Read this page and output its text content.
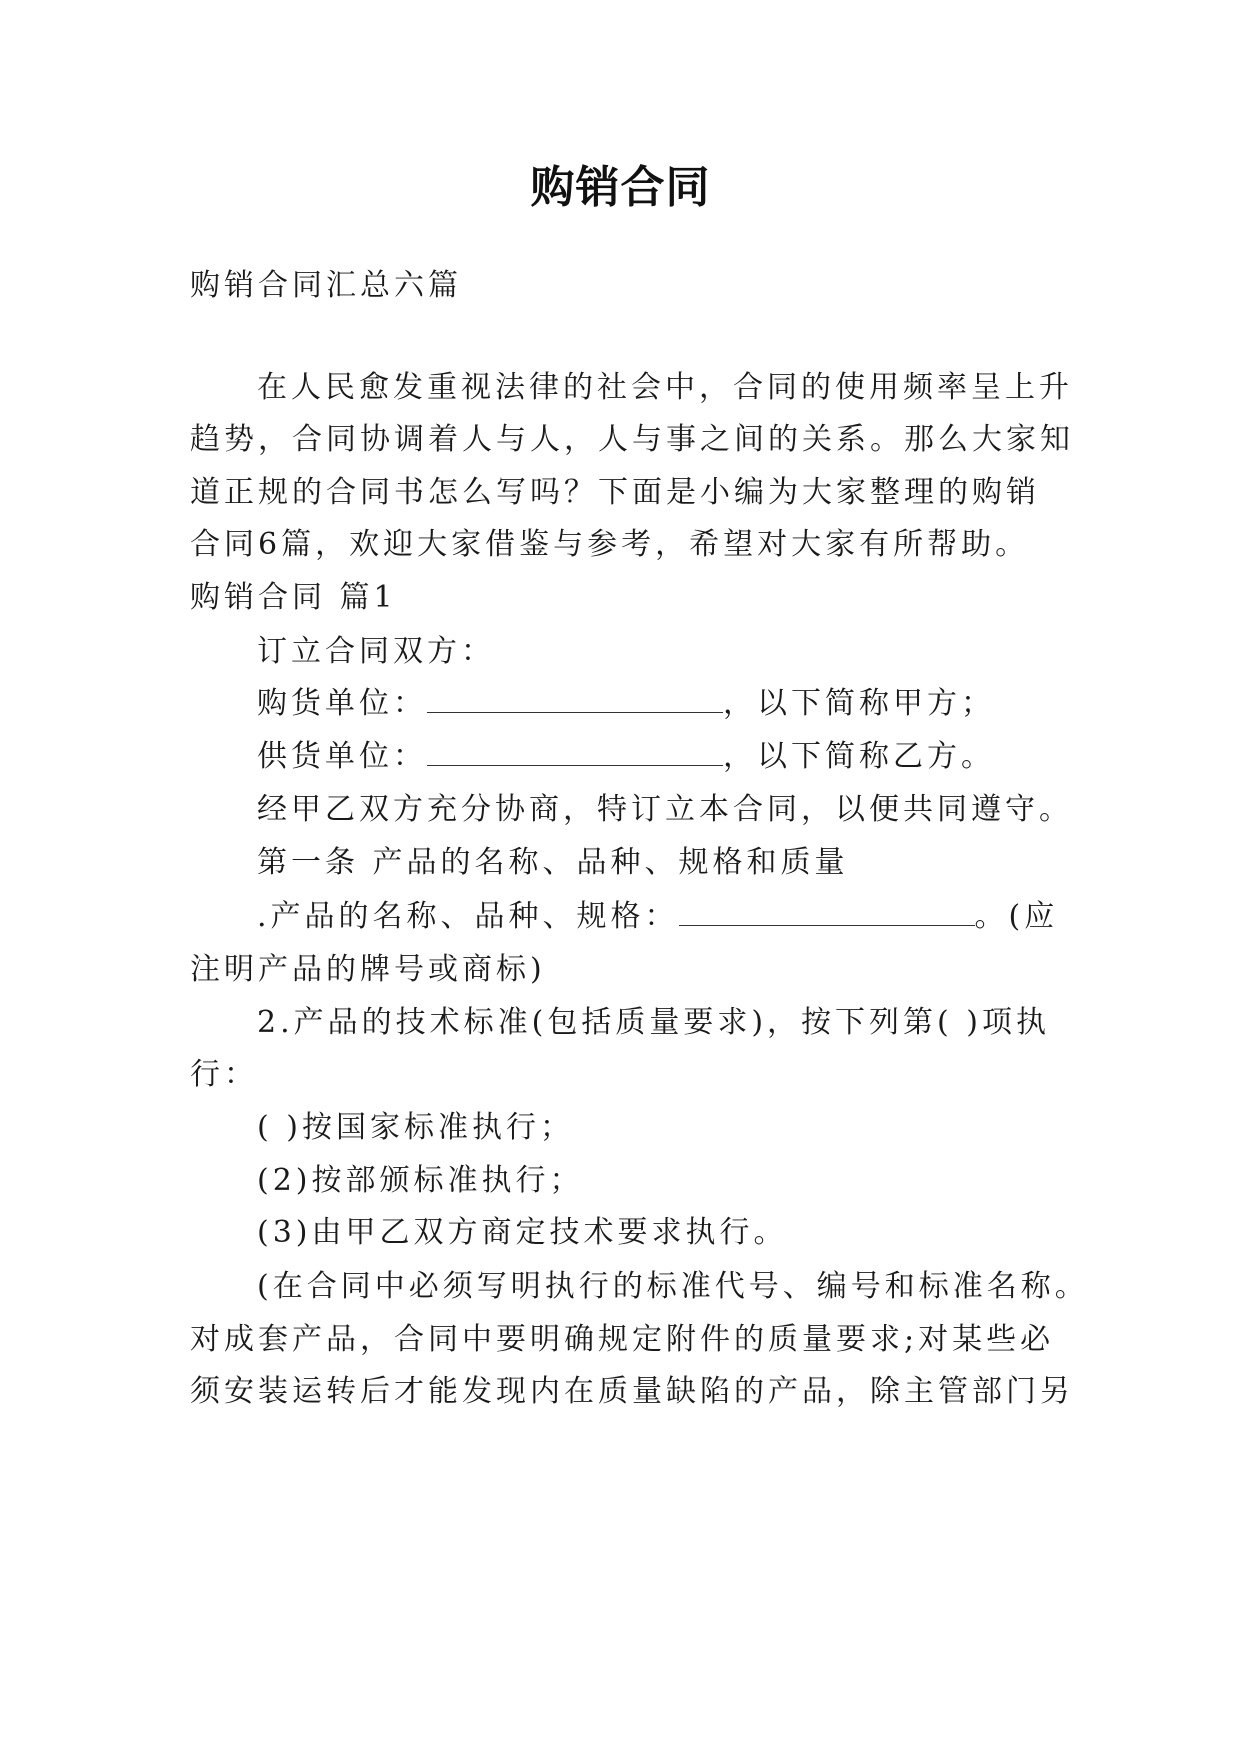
购销合同
购销合同汇总六篇
在人民愈发重视法律的社会中，合同的使用频率呈上升
趋势，合同协调着人与人，人与事之间的关系。那么大家知
道正规的合同书怎么写吗？下面是小编为大家整理的购销
合同6篇，欢迎大家借鉴与参考，希望对大家有所帮助。
购销合同 篇1
订立合同双方：
购货单位：	，以下简称甲方；
供货单位：	，以下简称乙方。
经甲乙双方充分协商，特订立本合同，以便共同遵守。
第一条 产品的名称、品种、规格和质量
.产品的名称、品种、规格：	。(应
注明产品的牌号或商标)
2.产品的技术标准(包括质量要求)，按下列第( )项执
行：
( )按国家标准执行；
(2)按部颁标准执行；
(3)由甲乙双方商定技术要求执行。
(在合同中必须写明执行的标准代号、编号和标准名称。
对成套产品，合同中要明确规定附件的质量要求;对某些必
须安装运转后才能发现内在质量缺陷的产品，除主管部门另
